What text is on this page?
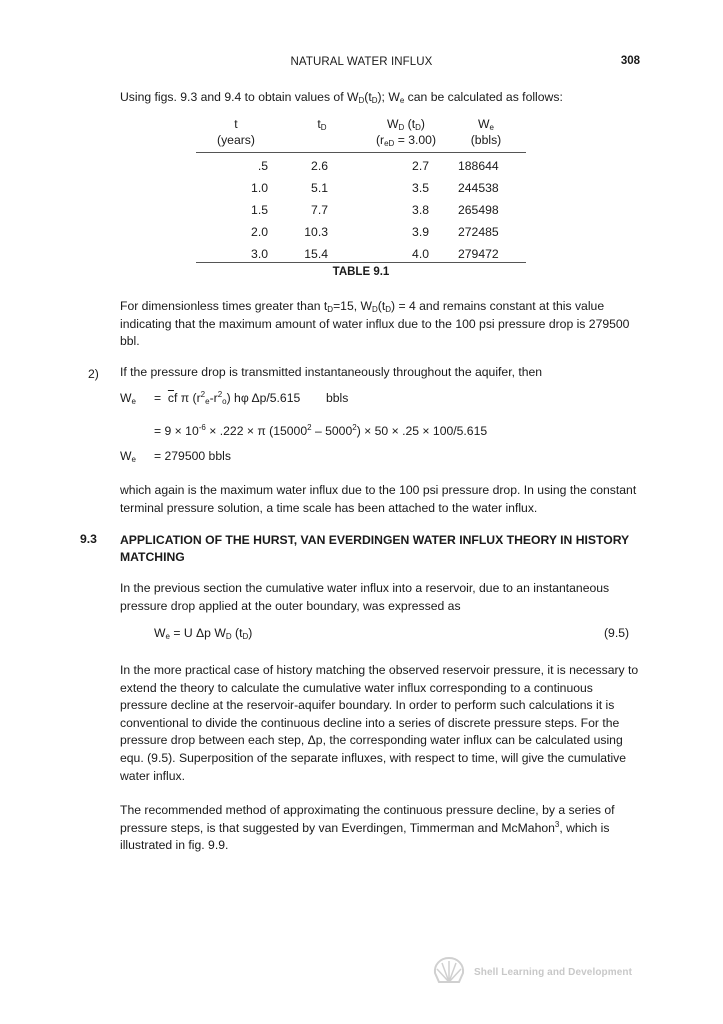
NATURAL WATER INFLUX	308
Using figs. 9.3 and 9.4 to obtain values of $W_D(t_D)$; $W_e$ can be calculated as follows:
t
(years)
$t_D$	$W_D$ $(t_D)$
$(r_{eD} = 3.00)$
$W_e$
(bbls)
.5	2.6	2.7 188644
1.0	5.1	3.5 244538
1.5	7.7	3.8 265498
2.0	10.3	3.9 272485
3.0	15.4	4.0 279472
TABLE 9.1
For dimensionless times greater than $t_D=15$, $W_D(t_D) = 4$ and remains constant at this value indicating that the maximum amount of water influx due to the 100 psi pressure drop is 279500 bbl.
2) If the pressure drop is transmitted instantaneously throughout the aquifer, then
$W_e = \overline{c}f$ π $(r^2_e-r^2_o)$ hφ Δp/5.615 bbls
= $9 \times 10^{-6} \times .222 \times \pi$ $(15000^2 - 5000^2) \times 50 \times .25 \times 100/5.615$
$W_e = 279500$ bbls
which again is the maximum water influx due to the 100 psi pressure drop. In using the constant terminal pressure solution, a time scale has been attached to the water influx.
9.3 APPLICATION OF THE HURST, VAN EVERDINGEN WATER INFLUX THEORY IN HISTORY MATCHING
In the previous section the cumulative water influx into a reservoir, due to an instantaneous pressure drop applied at the outer boundary, was expressed as
$W_e = U$ Δp $W_D$ $(t_D)$	(9.5)
In the more practical case of history matching the observed reservoir pressure, it is necessary to extend the theory to calculate the cumulative water influx corresponding to a continuous pressure decline at the reservoir-aquifer boundary. In order to perform such calculations it is conventional to divide the continuous decline into a series of discrete pressure steps. For the pressure drop between each step, Δp, the corresponding water influx can be calculated using equ. (9.5). Superposition of the separate influxes, with respect to time, will give the cumulative water influx.
The recommended method of approximating the continuous pressure decline, by a series of pressure steps, is that suggested by van Everdingen, Timmerman and McMahon$^3$, which is illustrated in fig. 9.9.
Shell Learning and Development
